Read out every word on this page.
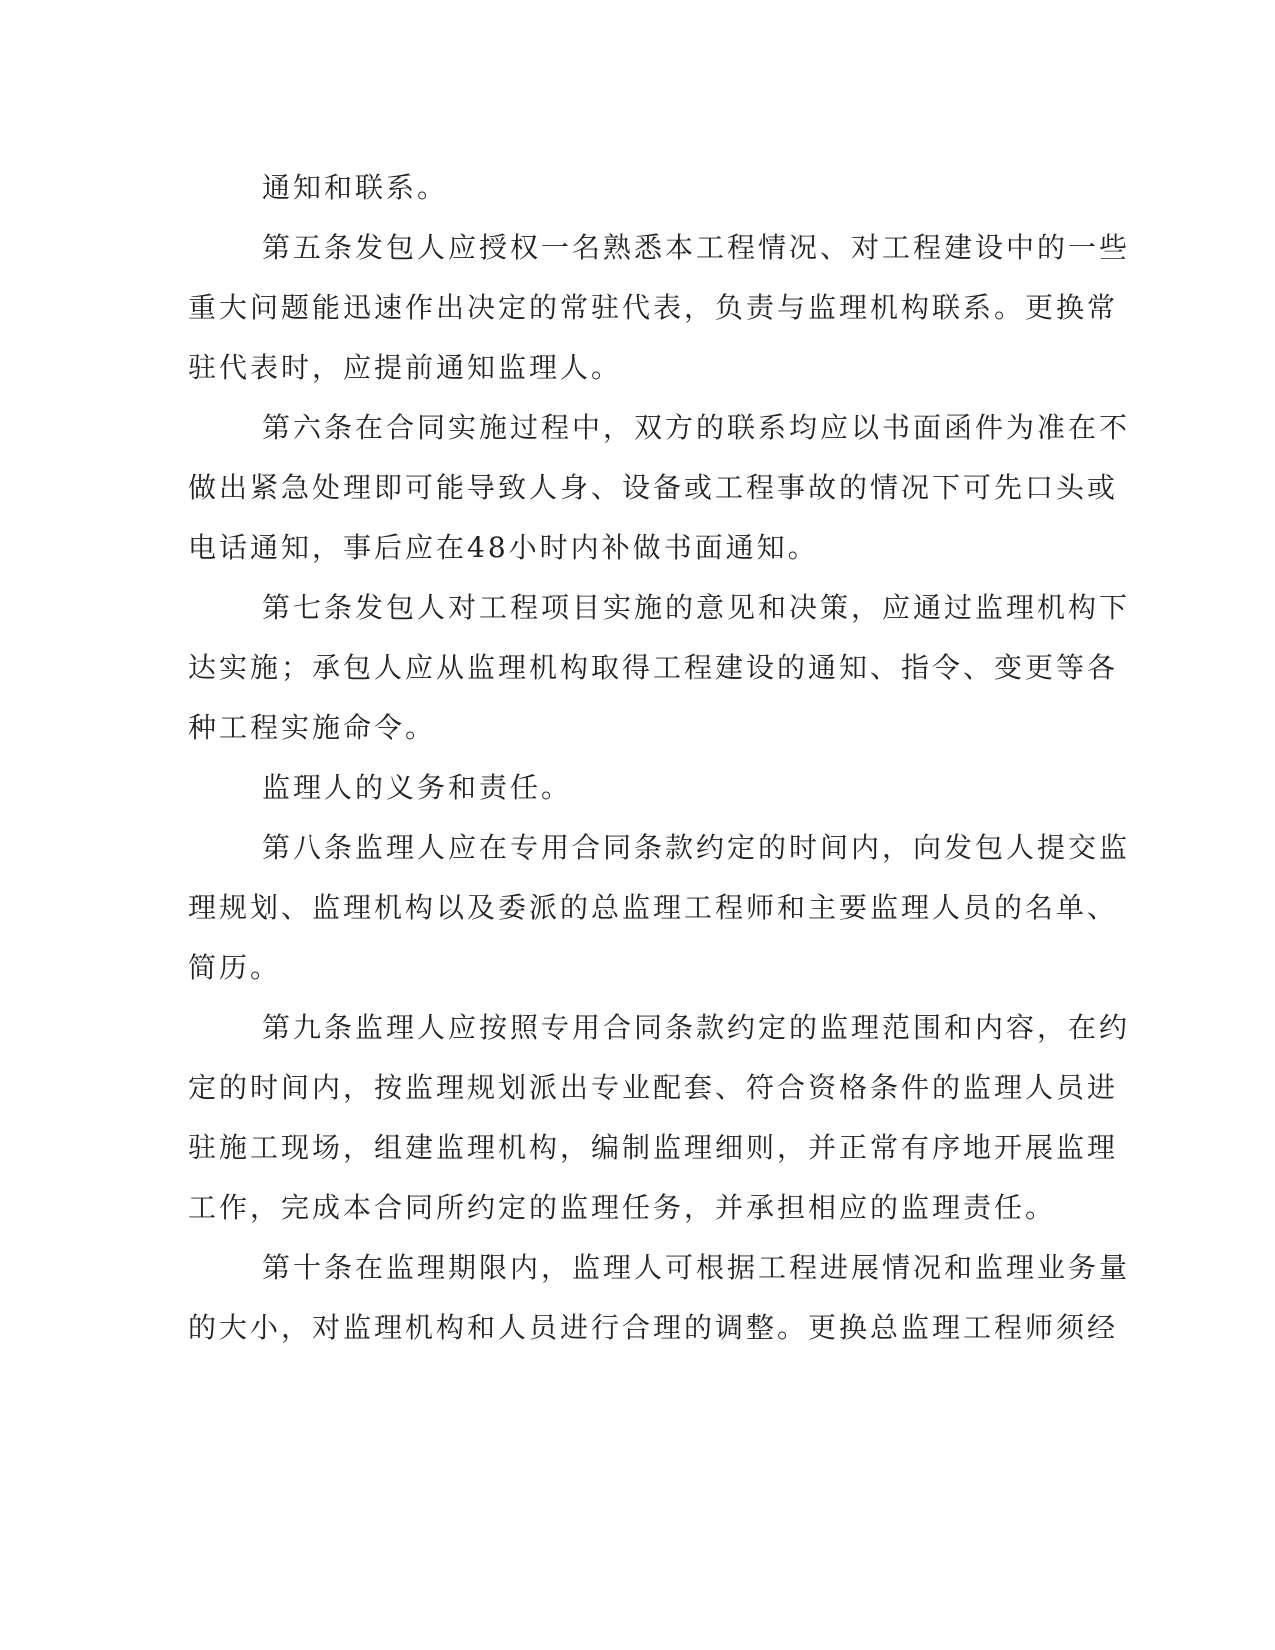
通知和联系。

第五条发包人应授权一名熟悉本工程情况、对工程建设中的一些
重大问题能迅速作出决定的常驻代表，负责与监理机构联系。更换常
驻代表时，应提前通知监理人。

第六条在合同实施过程中，双方的联系均应以书面函件为准在不
做出紧急处理即可能导致人身、设备或工程事故的情况下可先口头或
电话通知，事后应在48小时内补做书面通知。

第七条发包人对工程项目实施的意见和决策，应通过监理机构下
达实施；承包人应从监理机构取得工程建设的通知、指令、变更等各
种工程实施命令。

监理人的义务和责任。

第八条监理人应在专用合同条款约定的时间内，向发包人提交监
理规划、监理机构以及委派的总监理工程师和主要监理人员的名单、
简历。

第九条监理人应按照专用合同条款约定的监理范围和内容，在约
定的时间内，按监理规划派出专业配套、符合资格条件的监理人员进
驻施工现场，组建监理机构，编制监理细则，并正常有序地开展监理
工作，完成本合同所约定的监理任务，并承担相应的监理责任。

第十条在监理期限内，监理人可根据工程进展情况和监理业务量
的大小，对监理机构和人员进行合理的调整。更换总监理工程师须经
